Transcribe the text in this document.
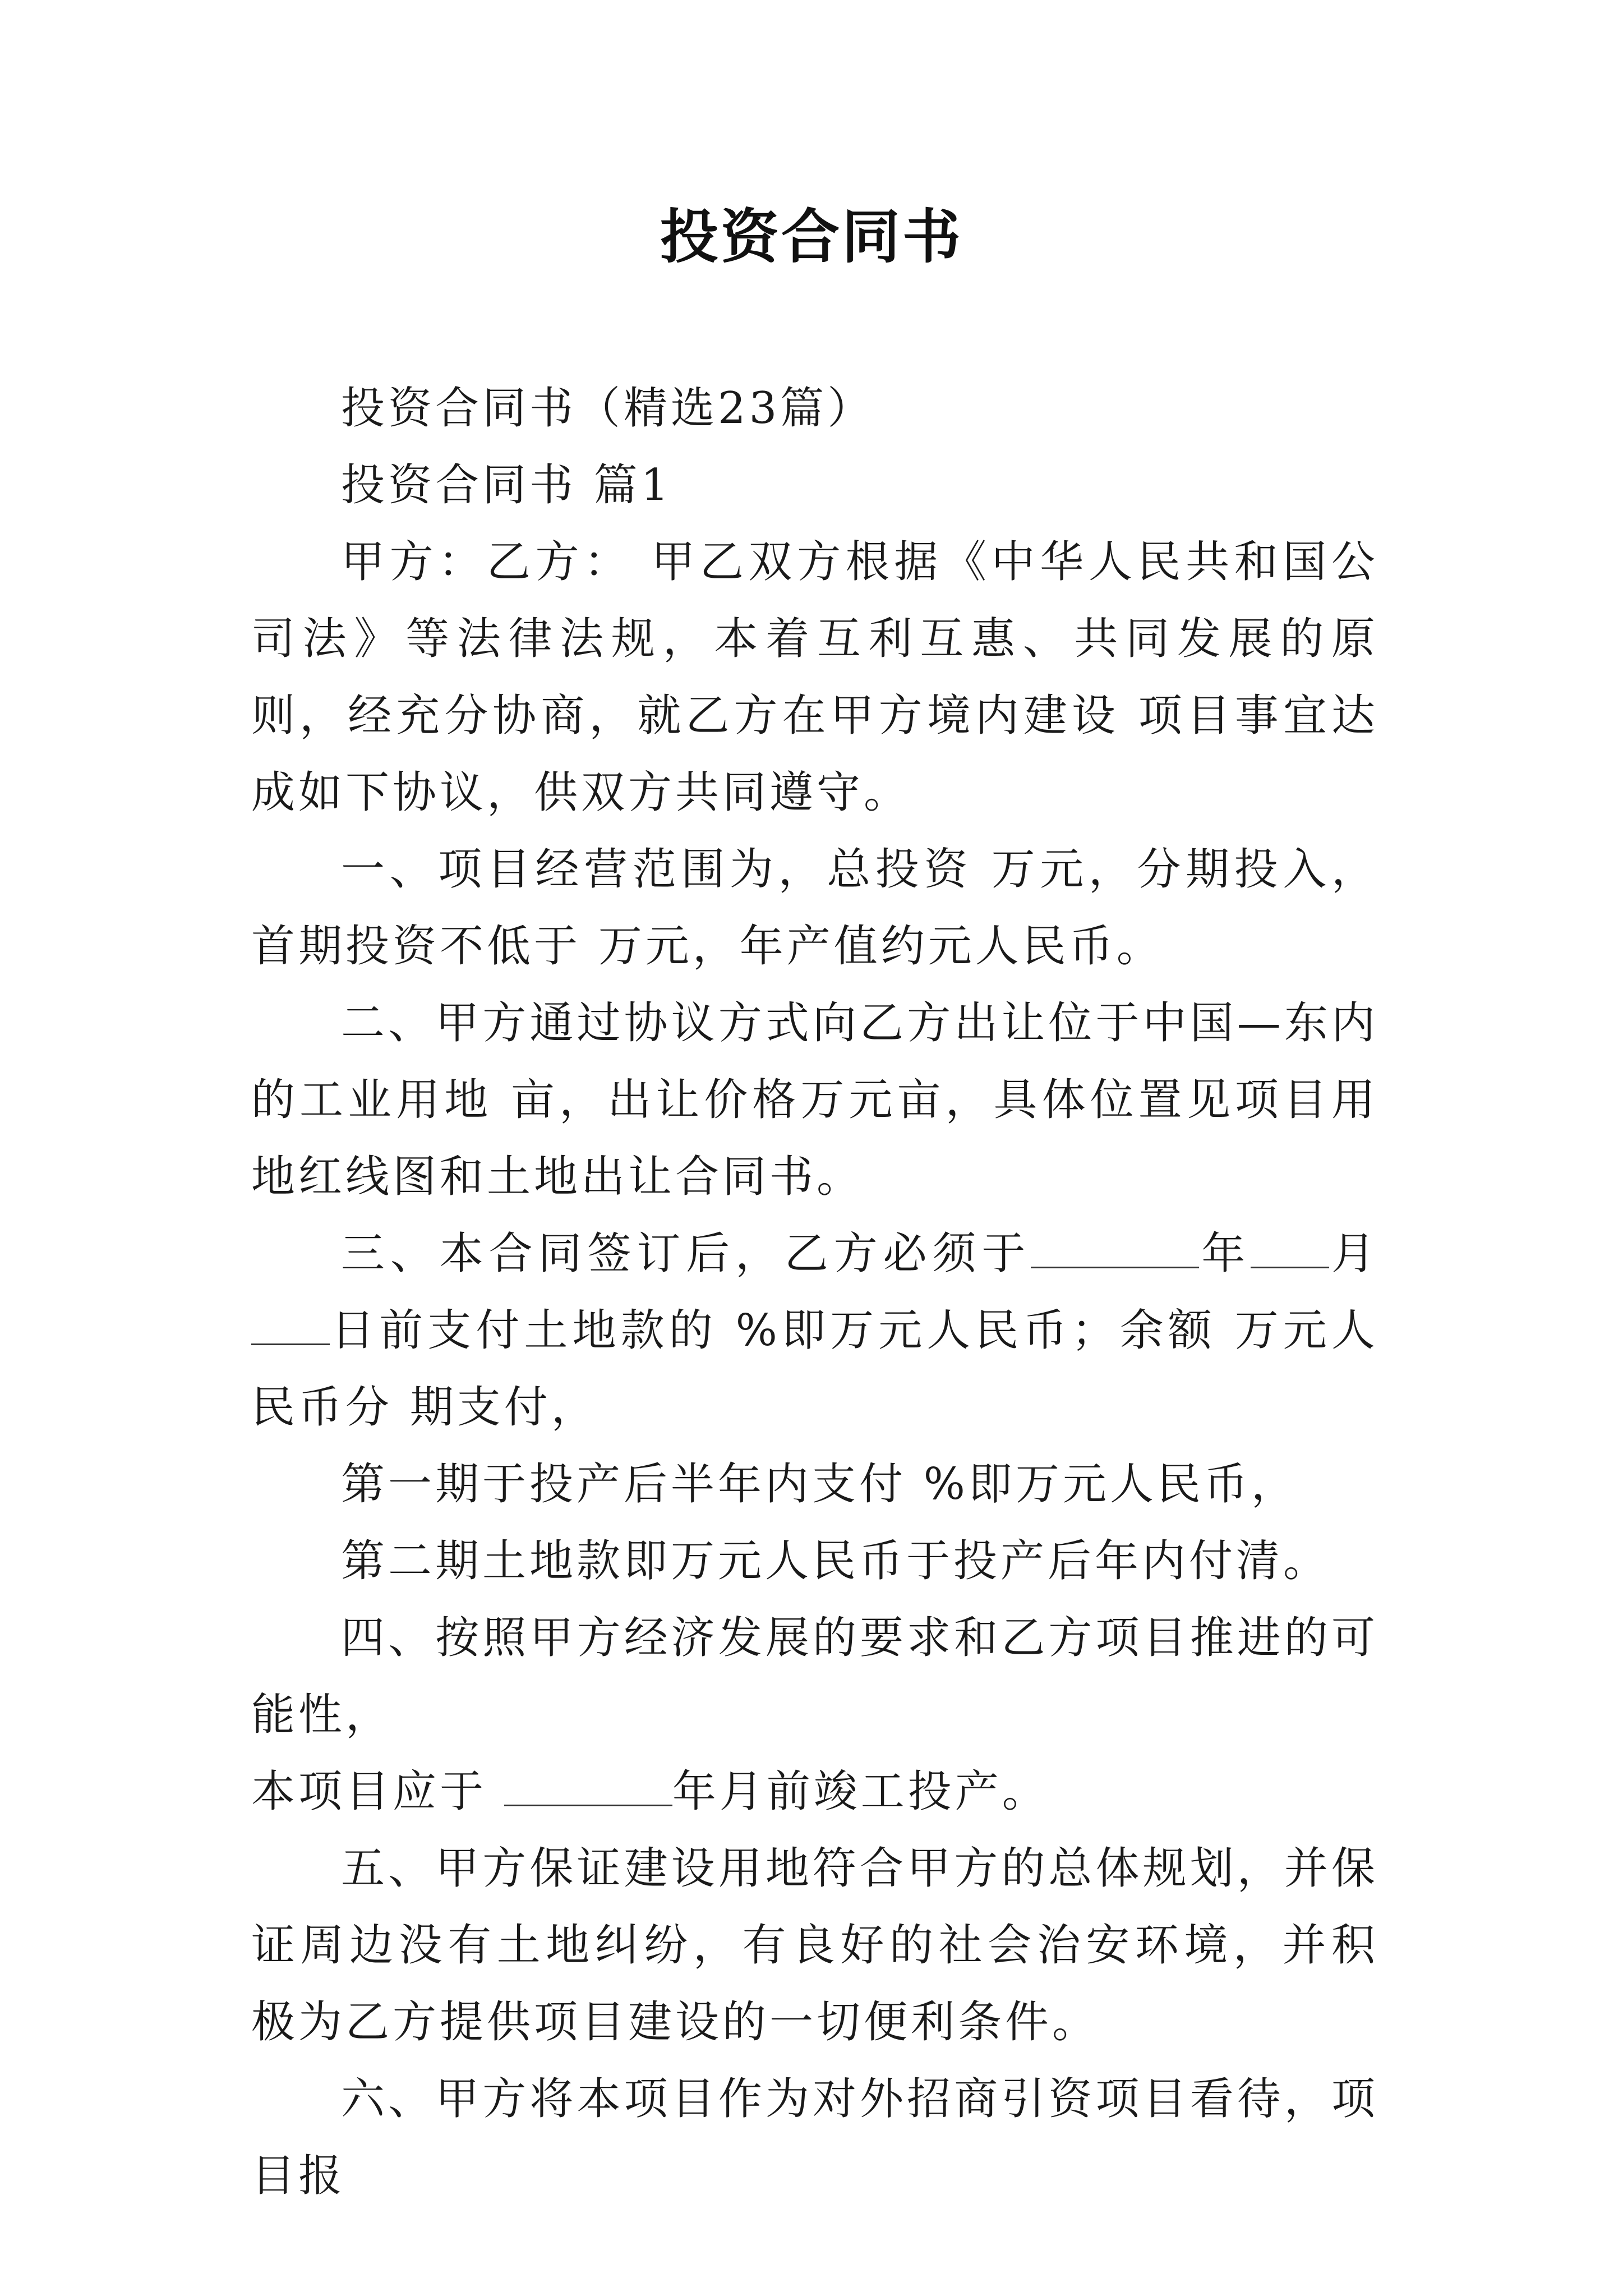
投资合同书

投资合同书（精选23篇）

投资合同书 篇1

甲方：乙方： 甲乙双方根据《中华人民共和国公司法》等法律法规，本着互利互惠、共同发展的原则，经充分协商，就乙方在甲方境内建设 项目事宜达成如下协议，供双方共同遵守。

一、项目经营范围为，总投资 万元，分期投入，首期投资不低于 万元，年产值约元人民币。

二、甲方通过协议方式向乙方出让位于中国—东内的工业用地 亩，出让价格万元亩，具体位置见项目用地红线图和土地出让合同书。

三、本合同签订后，乙方必须于	年 月日前支付土地款的 %即万元人民币；余额 万元人民币分 期支付，

第一期于投产后半年内支付 %即万元人民币，

第二期土地款即万元人民币于投产后年内付清。

四、按照甲方经济发展的要求和乙方项目推进的可能性，

本项目应于	年月前竣工投产。

五、甲方保证建设用地符合甲方的总体规划，并保证周边没有土地纠纷，有良好的社会治安环境，并积极为乙方提供项目建设的一切便利条件。

六、甲方将本项目作为对外招商引资项目看待，项目报
